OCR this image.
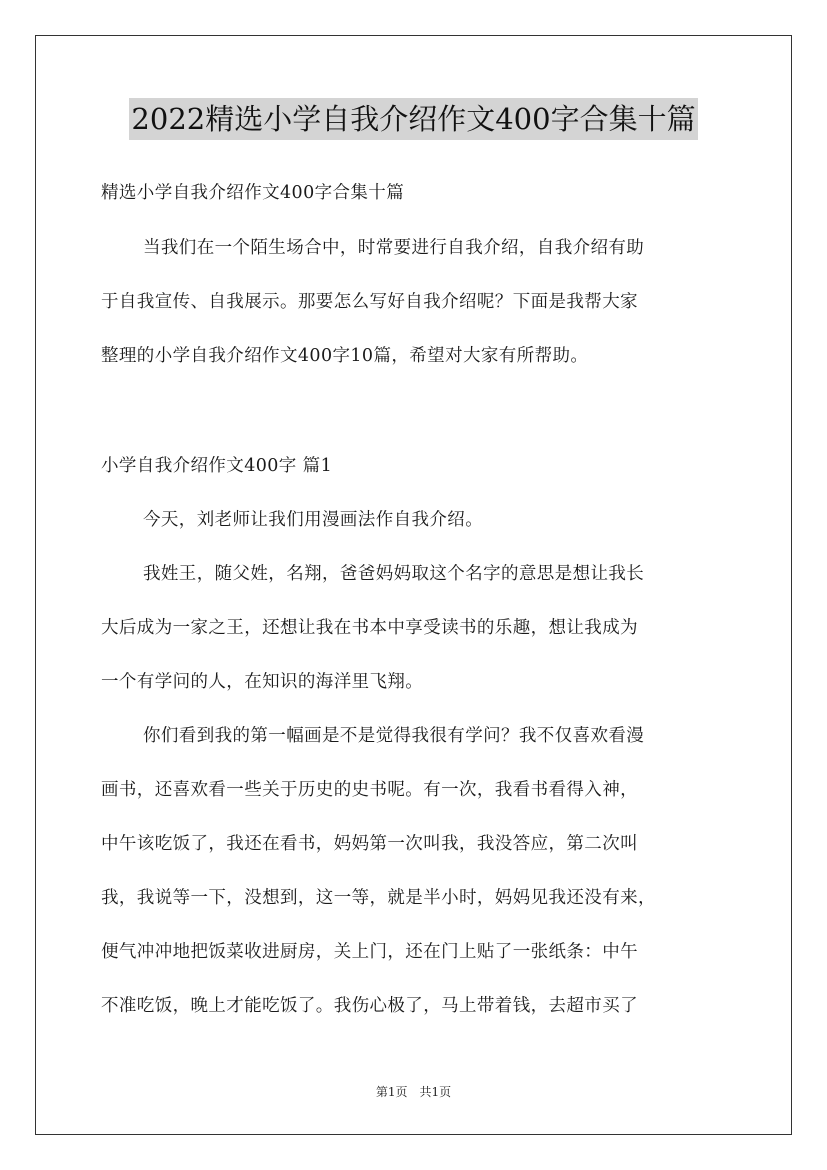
2022精选小学自我介绍作文400字合集十篇
精选小学自我介绍作文400字合集十篇
当我们在一个陌生场合中，时常要进行自我介绍，自我介绍有助
于自我宣传、自我展示。那要怎么写好自我介绍呢？下面是我帮大家
整理的小学自我介绍作文400字10篇，希望对大家有所帮助。
小学自我介绍作文400字 篇1
今天，刘老师让我们用漫画法作自我介绍。
我姓王，随父姓，名翔，爸爸妈妈取这个名字的意思是想让我长
大后成为一家之王，还想让我在书本中享受读书的乐趣，想让我成为
一个有学问的人，在知识的海洋里飞翔。
你们看到我的第一幅画是不是觉得我很有学问？我不仅喜欢看漫
画书，还喜欢看一些关于历史的史书呢。有一次，我看书看得入神，
中午该吃饭了，我还在看书，妈妈第一次叫我，我没答应，第二次叫
我，我说等一下，没想到，这一等，就是半小时，妈妈见我还没有来，
便气冲冲地把饭菜收进厨房，关上门，还在门上贴了一张纸条：中午
不准吃饭，晚上才能吃饭了。我伤心极了，马上带着钱，去超市买了
第1页 共1页
